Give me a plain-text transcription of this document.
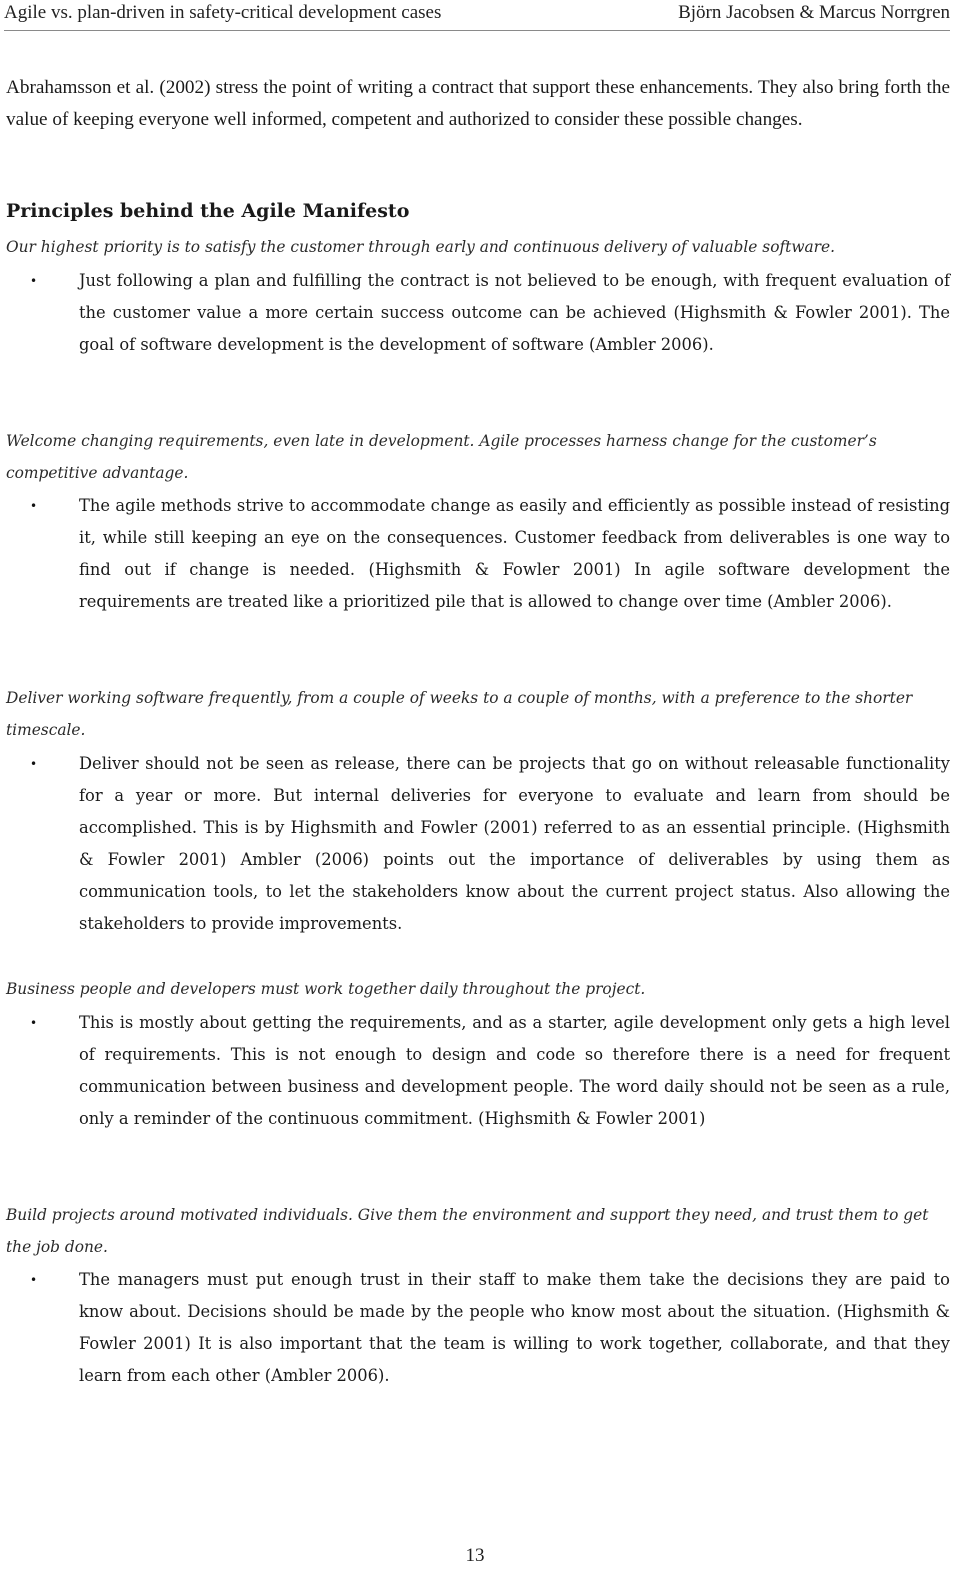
Agile vs. plan-driven in safety-critical development cases	Björn Jacobsen & Marcus Norrgren

Abrahamsson et al. (2002) stress the point of writing a contract that support these enhancements. They also bring forth the value of keeping everyone well informed, competent and authorized to consider these possible changes.

Principles behind the Agile Manifesto

Our highest priority is to satisfy the customer through early and continuous delivery of valuable software.

•	Just following a plan and fulfilling the contract is not believed to be enough, with frequent evaluation of the customer value a more certain success outcome can be achieved (Highsmith & Fowler 2001). The goal of software development is the development of software (Ambler 2006).

Welcome changing requirements, even late in development. Agile processes harness change for the customer’s competitive advantage.

•	The agile methods strive to accommodate change as easily and efficiently as possible instead of resisting it, while still keeping an eye on the consequences. Customer feedback from deliverables is one way to find out if change is needed. (Highsmith & Fowler 2001) In agile software development the requirements are treated like a prioritized pile that is allowed to change over time (Ambler 2006).

Deliver working software frequently, from a couple of weeks to a couple of months, with a preference to the shorter timescale.

•	Deliver should not be seen as release, there can be projects that go on without releasable functionality for a year or more. But internal deliveries for everyone to evaluate and learn from should be accomplished. This is by Highsmith and Fowler (2001) referred to as an essential principle. (Highsmith & Fowler 2001) Ambler (2006) points out the importance of deliverables by using them as communication tools, to let the stakeholders know about the current project status. Also allowing the stakeholders to provide improvements.

Business people and developers must work together daily throughout the project.

•	This is mostly about getting the requirements, and as a starter, agile development only gets a high level of requirements. This is not enough to design and code so therefore there is a need for frequent communication between business and development people. The word daily should not be seen as a rule, only a reminder of the continuous commitment. (Highsmith & Fowler 2001)

Build projects around motivated individuals. Give them the environment and support they need, and trust them to get the job done.

•	The managers must put enough trust in their staff to make them take the decisions they are paid to know about. Decisions should be made by the people who know most about the situation. (Highsmith & Fowler 2001) It is also important that the team is willing to work together, collaborate, and that they learn from each other (Ambler 2006).
13
